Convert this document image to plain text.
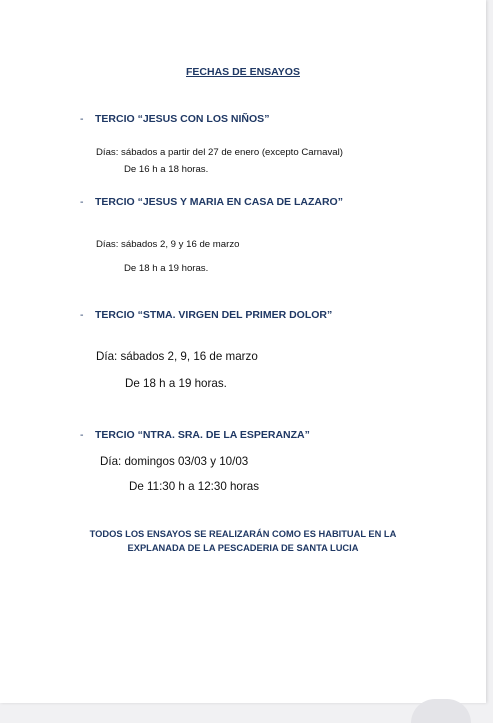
FECHAS DE ENSAYOS
- TERCIO “JESUS CON LOS NIÑOS”
Días: sábados a partir del 27 de enero (excepto Carnaval)
De 16 h a 18 horas.
- TERCIO “JESUS Y MARIA EN CASA DE LAZARO”
Días: sábados 2, 9 y 16 de marzo
De 18 h a 19 horas.
- TERCIO “STMA. VIRGEN DEL PRIMER DOLOR”
Día: sábados 2, 9, 16 de marzo
De 18 h a 19 horas.
- TERCIO “NTRA. SRA. DE LA ESPERANZA”
Día: domingos 03/03 y 10/03
De 11:30 h a 12:30 horas
TODOS LOS ENSAYOS SE REALIZARÁN COMO ES HABITUAL EN LA
EXPLANADA DE LA PESCADERIA DE SANTA LUCIA
